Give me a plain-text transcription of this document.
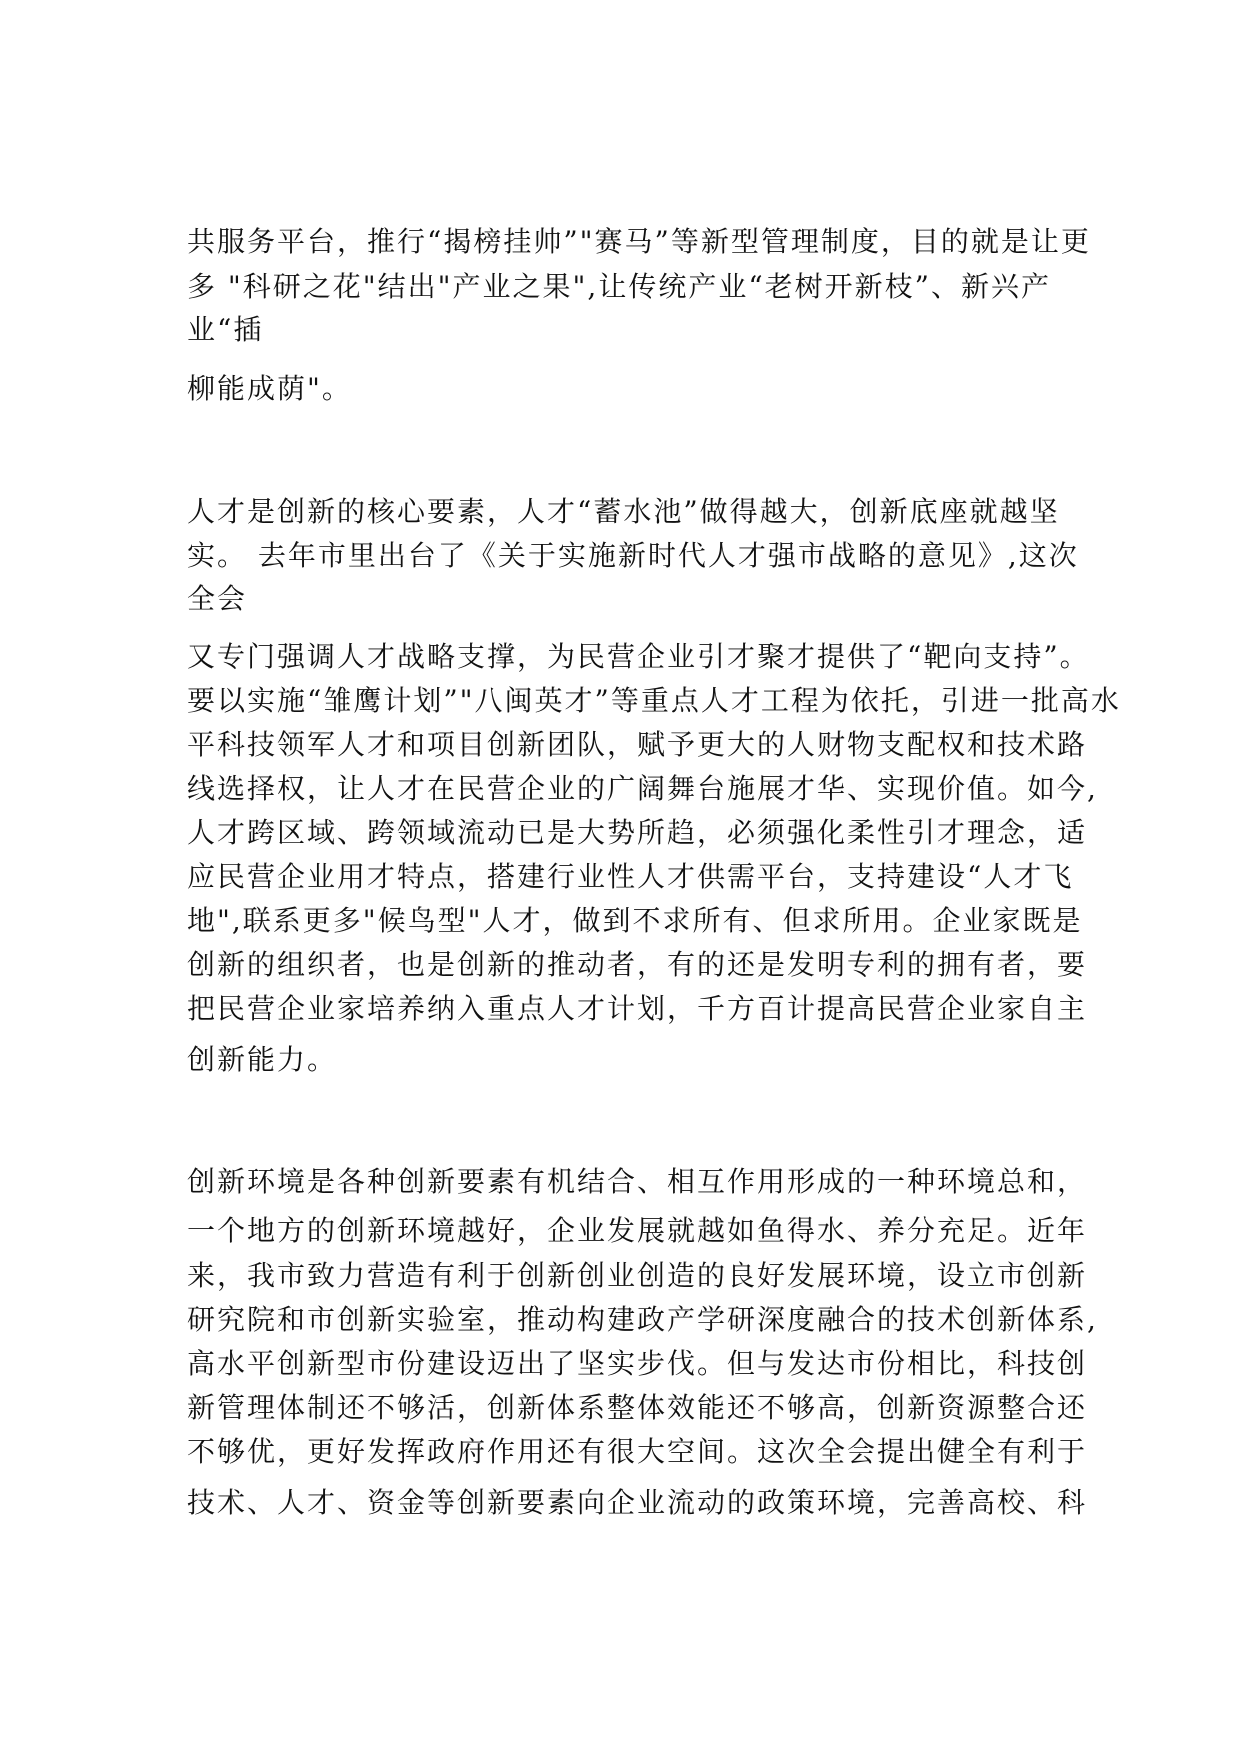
共服务平台，推行“揭榜挂帅”"赛马”等新型管理制度，目的就是让更
多 "科研之花"结出"产业之果",让传统产业“老树开新枝”、新兴产
业“插
柳能成荫"。
人才是创新的核心要素，人才“蓄水池”做得越大，创新底座就越坚
实。 去年市里出台了《关于实施新时代人才强市战略的意见》,这次
全会
又专门强调人才战略支撑，为民营企业引才聚才提供了“靶向支持”。
要以实施“雏鹰计划”"八闽英才”等重点人才工程为依托，引进一批高水
平科技领军人才和项目创新团队，赋予更大的人财物支配权和技术路
线选择权，让人才在民营企业的广阔舞台施展才华、实现价值。如今,
人才跨区域、跨领域流动已是大势所趋，必须强化柔性引才理念，适
应民营企业用才特点，搭建行业性人才供需平台，支持建设“人才飞
地",联系更多"候鸟型"人才，做到不求所有、但求所用。企业家既是
创新的组织者，也是创新的推动者，有的还是发明专利的拥有者，要
把民营企业家培养纳入重点人才计划，千方百计提高民营企业家自主
创新能力。
创新环境是各种创新要素有机结合、相互作用形成的一种环境总和，
一个地方的创新环境越好，企业发展就越如鱼得水、养分充足。近年
来，我市致力营造有利于创新创业创造的良好发展环境，设立市创新
研究院和市创新实验室，推动构建政产学研深度融合的技术创新体系,
高水平创新型市份建设迈出了坚实步伐。但与发达市份相比，科技创
新管理体制还不够活，创新体系整体效能还不够高，创新资源整合还
不够优，更好发挥政府作用还有很大空间。这次全会提出健全有利于
技术、人才、资金等创新要素向企业流动的政策环境，完善高校、科
